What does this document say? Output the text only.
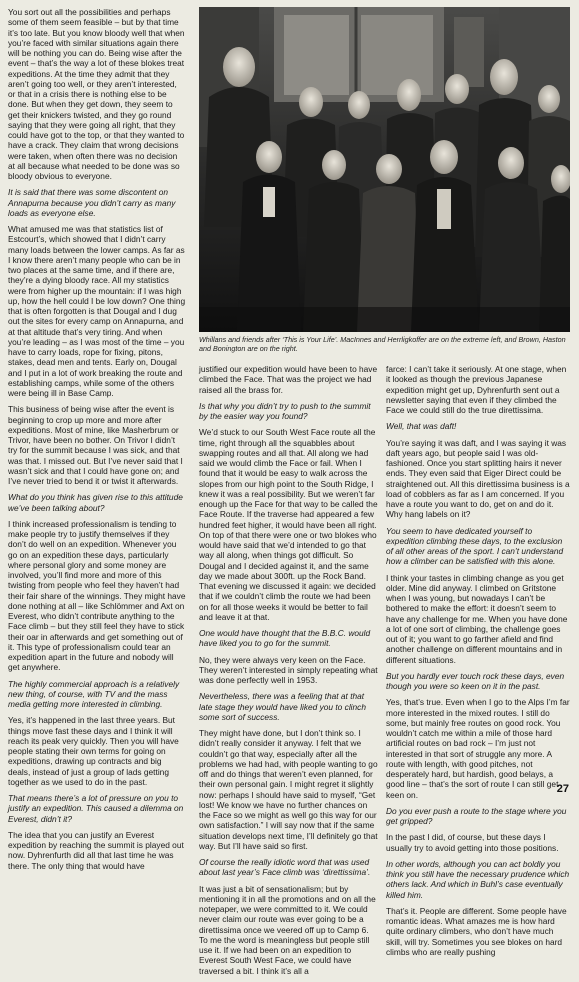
You sort out all the possibilities and perhaps some of them seem feasible – but by that time it’s too late. But you know bloody well that when you’re faced with similar situations again there will be nothing you can do. Being wise after the event – that’s the way a lot of these blokes treat expeditions. At the time they admit that they aren’t going too well, or they aren’t interested, or that in a crisis there is nothing else to be done. But when they get down, they seem to get their knickers twisted, and they go round saying that they were going all right, that they could have got to the top, or that they wanted to have a crack. They claim that wrong decisions were taken, when often there was no decision at all because what needed to be done was so bloody obvious to everyone.

It is said that there was some discontent on Annapurna because you didn’t carry as many loads as everyone else.

What amused me was that statistics list of Estcourt’s, which showed that I didn’t carry many loads between the lower camps. As far as I know there aren’t many people who can be in two places at the same time, and if there are, they’re a dying bloody race. All my statistics were from higher up the mountain: if I was high up, how the hell could I be low down? One thing that is often forgotten is that Dougal and I dug out the sites for every camp on Annapurna, and at that altitude that’s very tiring. And when you’re leading – as I was most of the time – you have to carry loads, rope for fixing, pitons, stakes, dead men and tents. Early on, Dougal and I put in a lot of work breaking the route and establishing camps, while some of the others were being ill in Base Camp.

This business of being wise after the event is beginning to crop up more and more after expeditions. Most of mine, like Masherbrum or Trivor, have been no bother. On Trivor I didn’t try for the summit because I was sick, and that was that. I missed out. But I’ve never said that I wasn’t sick and that I could have gone on; and I’ve never tried to bend it or twist it afterwards.

What do you think has given rise to this attitude we’ve been talking about?

I think increased professionalism is tending to make people try to justify themselves if they don’t do well on an expedition. Whenever you go on an expedition these days, particularly where personal glory and some money are involved, you’ll find more and more of this twisting from people who feel they haven’t had their fair share of the winnings. They might have done nothing at all – like Schlömmer and Axt on Everest, who didn’t contribute anything to the Face climb – but they still feel they have to stick their oar in afterwards and get something out of it. This type of professionalism could tear an expedition apart in the future and nobody will get anywhere.

The highly commercial approach is a relatively new thing, of course, with TV and the mass media getting more interested in climbing.

Yes, it’s happened in the last three years. But things move fast these days and I think it will reach its peak very quickly. Then you will have people stating their own terms for going on expeditions, drawing up contracts and big deals, instead of just a group of lads getting together as we used to do in the past.

That means there’s a lot of pressure on you to justify an expedition. This caused a dilemma on Everest, didn’t it?

The idea that you can justify an Everest expedition by reaching the summit is played out now. Dyhrenfurth did all that last time he was there. The only thing that would have

Whillans and friends after ‘This is Your Life’. MacInnes and Herrligkoffer are on the extreme left, and Brown, Haston and Bonington are on the right.

justified our expedition would have been to have climbed the Face. That was the project we had raised all the brass for.

Is that why you didn’t try to push to the summit by the easier way you found?

We’d stuck to our South West Face route all the time, right through all the squabbles about swapping routes and all that. All along we had said we would climb the Face or fail. When I found that it would be easy to walk across the slopes from our high point to the South Ridge, I knew it was a real possibility. But we weren’t far enough up the Face for that way to be called the Face Route. If the traverse had appeared a few hundred feet higher, it would have been all right. On top of that there were one or two blokes who would have said that we’d intended to go that way all along, when things got difficult. So Dougal and I decided against it, and the same day we made about 300ft. up the Rock Band. That evening we discussed it again: we decided that if we couldn’t climb the route we had been on for all those weeks it would be better to fail and leave it at that.

One would have thought that the B.B.C. would have liked you to go for the summit.

No, they were always very keen on the Face. They weren’t interested in simply repeating what was done perfectly well in 1953.

Nevertheless, there was a feeling that at that late stage they would have liked you to clinch some sort of success.

They might have done, but I don’t think so. I didn’t really consider it anyway. I felt that we couldn’t go that way, especially after all the problems we had had, with people wanting to go off and do things that weren’t even planned, for their own personal gain. I might regret it slightly now: perhaps I should have said to myself, “Get lost! We know we have no further chances on the Face so we might as well go this way for our own satisfaction.” I will say now that if the same situation develops next time, I’ll definitely go that way. But I’ll have said so first.

Of course the really idiotic word that was used about last year’s Face climb was ‘direttissima’.

It was just a bit of sensationalism; but by mentioning it in all the promotions and on all the notepaper, we were committed to it. We could never claim our route was ever going to be a direttissima once we veered off up to Camp 6. To me the word is meaningless but people still use it. If we had been on an expedition to Everest South West Face, we could have traversed a bit. I think it’s all a

farce: I can’t take it seriously. At one stage, when it looked as though the previous Japanese expedition might get up, Dyhrenfurth sent out a newsletter saying that even if they climbed the Face we could still do the true direttissima.

Well, that was daft!

You’re saying it was daft, and I was saying it was daft years ago, but people said I was old-fashioned. Once you start splitting hairs it never ends. They even said that Eiger Direct could be straightened out. All this direttissima business is a load of cobblers as far as I am concerned. If you have a route you want to do, get on and do it. Why hang labels on it?

You seem to have dedicated yourself to expedition climbing these days, to the exclusion of all other areas of the sport. I can’t understand how a climber can be satisfied with this alone.

I think your tastes in climbing change as you get older. Mine did anyway. I climbed on Gritstone when I was young, but nowadays I can’t be bothered to make the effort: it doesn’t seem to have any challenge for me. When you have done a lot of one sort of climbing, the challenge goes out of it; you want to go farther afield and find another challenge on different mountains and in different situations.

But you hardly ever touch rock these days, even though you were so keen on it in the past.

Yes, that’s true. Even when I go to the Alps I’m far more interested in the mixed routes. I still do some, but mainly free routes on good rock. You wouldn’t catch me within a mile of those hard artificial routes on bad rock – I’m just not interested in that sort of struggle any more. A route with length, with good pitches, not desperately hard, but hardish, good belays, a good line – that’s the sort of route I can still get keen on.

Do you ever push a route to the stage where you get gripped?

In the past I did, of course, but these days I usually try to avoid getting into those positions.

In other words, although you can act boldly you think you still have the necessary prudence which others lack. And which in Buhl’s case eventually killed him.

That’s it. People are different. Some people have romantic ideas. What amazes me is how hard quite ordinary climbers, who don’t have much skill, will try. Sometimes you see blokes on hard climbs who are really pushing

27
